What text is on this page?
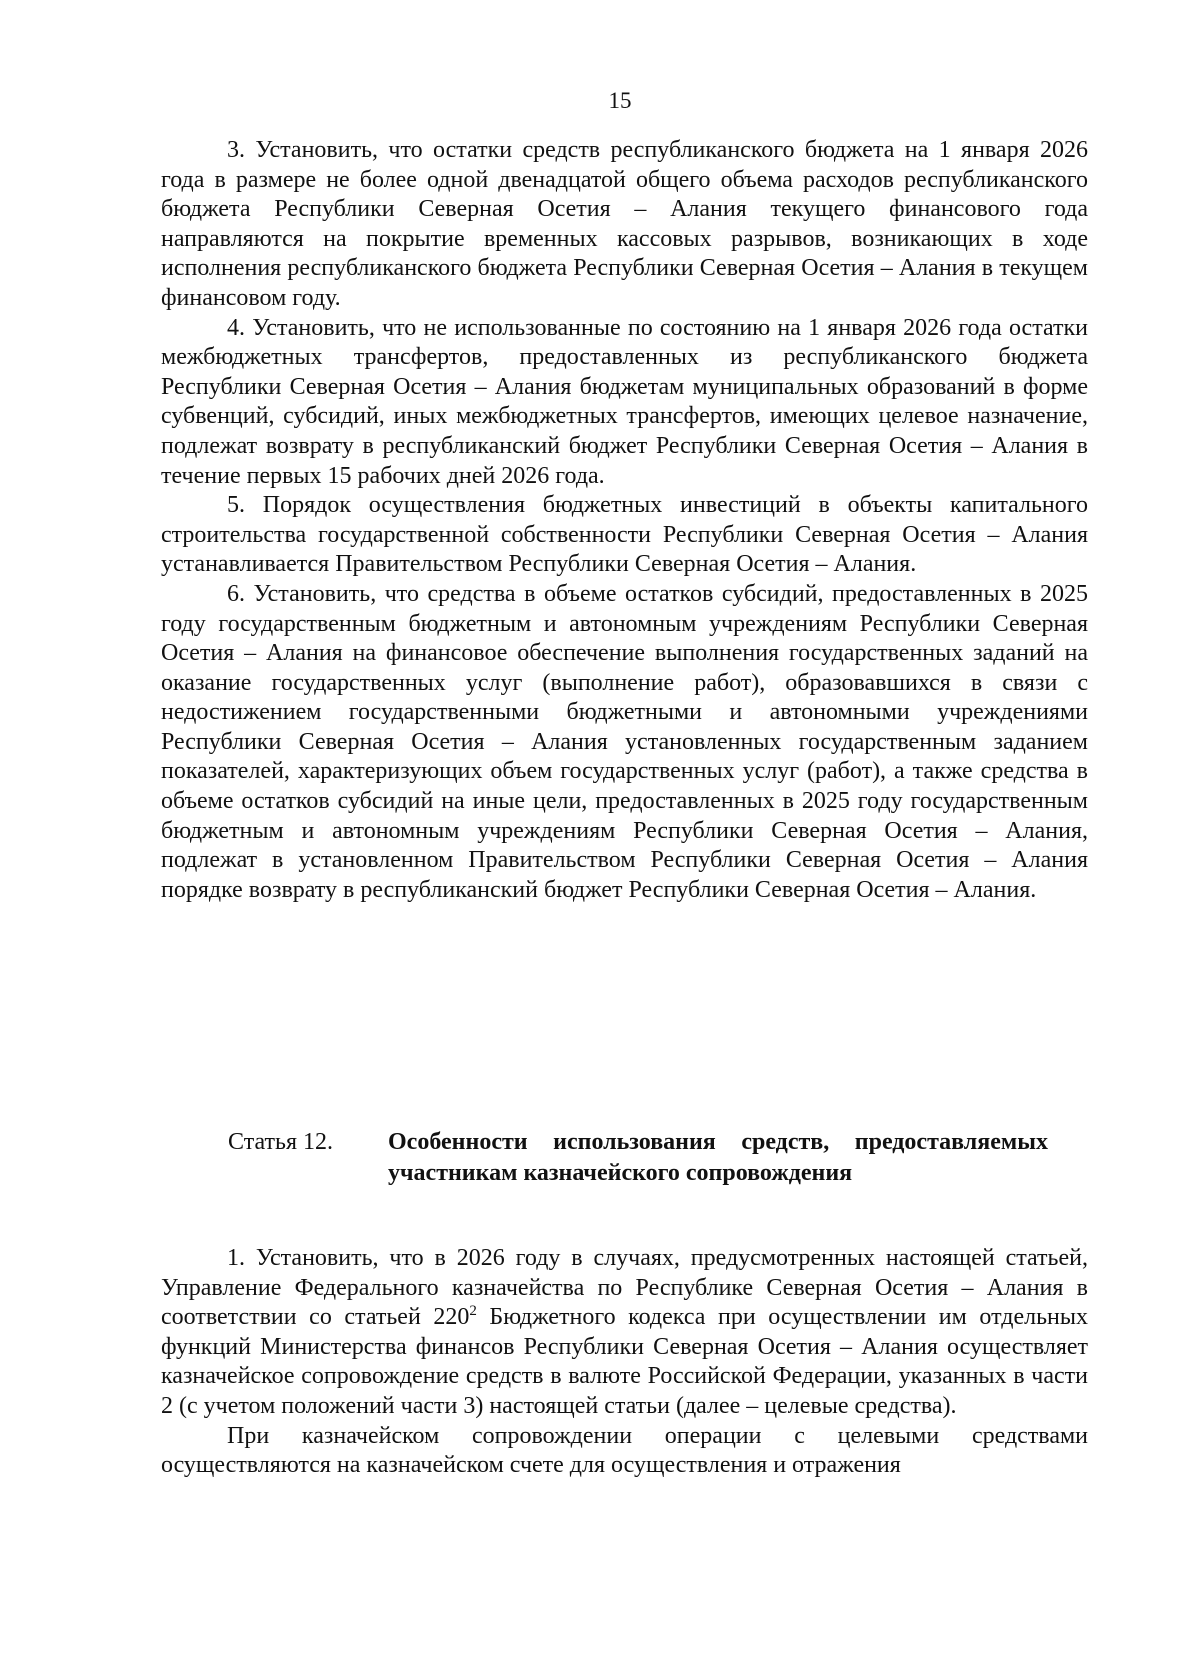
15

3. Установить, что остатки средств республиканского бюджета на 1 января 2026 года в размере не более одной двенадцатой общего объема расходов республиканского бюджета Республики Северная Осетия – Алания текущего финансового года направляются на покрытие временных кассовых разрывов, возникающих в ходе исполнения республиканского бюджета Республики Северная Осетия – Алания в текущем финансовом году.

4. Установить, что не использованные по состоянию на 1 января 2026 года остатки межбюджетных трансфертов, предоставленных из республиканского бюджета Республики Северная Осетия – Алания бюджетам муниципальных образований в форме субвенций, субсидий, иных межбюджетных трансфертов, имеющих целевое назначение, подлежат возврату в республиканский бюджет Республики Северная Осетия – Алания в течение первых 15 рабочих дней 2026 года.

5. Порядок осуществления бюджетных инвестиций в объекты капитального строительства государственной собственности Республики Северная Осетия – Алания устанавливается Правительством Республики Северная Осетия – Алания.

6. Установить, что средства в объеме остатков субсидий, предоставленных в 2025 году государственным бюджетным и автономным учреждениям Республики Северная Осетия – Алания на финансовое обеспечение выполнения государственных заданий на оказание государственных услуг (выполнение работ), образовавшихся в связи с недостижением государственными бюджетными и автономными учреждениями Республики Северная Осетия – Алания установленных государственным заданием показателей, характеризующих объем государственных услуг (работ), а также средства в объеме остатков субсидий на иные цели, предоставленных в 2025 году государственным бюджетным и автономным учреждениям Республики Северная Осетия – Алания, подлежат в установленном Правительством Республики Северная Осетия – Алания порядке возврату в республиканский бюджет Республики Северная Осетия – Алания.

Статья 12. Особенности использования средств, предоставляемых участникам казначейского сопровождения

1. Установить, что в 2026 году в случаях, предусмотренных настоящей статьей, Управление Федерального казначейства по Республике Северная Осетия – Алания в соответствии со статьей $220^2$ Бюджетного кодекса при осуществлении им отдельных функций Министерства финансов Республики Северная Осетия – Алания осуществляет казначейское сопровождение средств в валюте Российской Федерации, указанных в части 2 (с учетом положений части 3) настоящей статьи (далее – целевые средства).

При казначейском сопровождении операции с целевыми средствами осуществляются на казначейском счете для осуществления и отражения
